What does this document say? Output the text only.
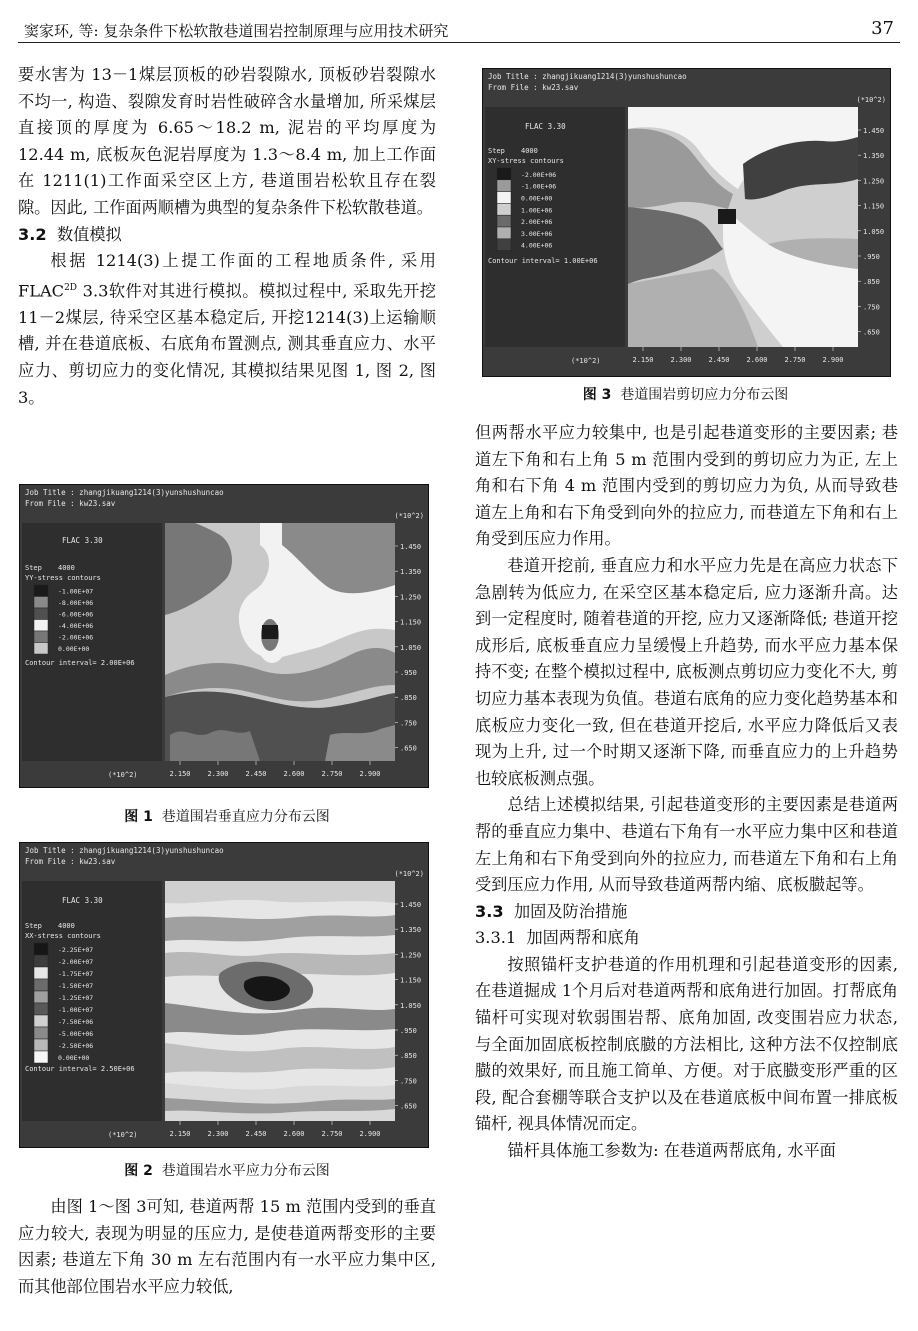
窦家环, 等: 复杂条件下松软散巷道围岩控制原理与应用技术研究	37

要水害为 13－1煤层顶板的砂岩裂隙水, 顶板砂岩裂隙水不均一, 构造、裂隙发育时岩性破碎含水量增加, 所采煤层直接顶的厚度为 6.65～18.2 m, 泥岩的平均厚度为 12.44 m, 底板灰色泥岩厚度为 1.3～8.4 m, 加上工作面在 1211(1)工作面采空区上方, 巷道围岩松软且存在裂隙。因此, 工作面两顺槽为典型的复杂条件下松软散巷道。

3.2 数值模拟

根据 1214(3)上提工作面的工程地质条件, 采用 $FLAC^{2D}$ 3.3软件对其进行模拟。模拟过程中, 采取先开挖 11－2煤层, 待采空区基本稳定后, 开挖1214(3)上运输顺槽, 并在巷道底板、右底角布置测点, 测其垂直应力、水平应力、剪切应力的变化情况, 其模拟结果见图 1, 图 2, 图 3。

Job Title : zhangjikuang1214(3)yunshushuncao
From File : kw23.sav
(*10^2)
FLAC 3.30
Step 4000
YY-stress contours
-1.00E+07
-8.00E+06
-6.00E+06
-4.00E+06
-2.00E+06
0.00E+00
Contour interval= 2.00E+06
1.450
1.350
1.250
1.150
1.050
.950
.850
.750
.650
2.150 2.300 2.450 2.600 2.750 2.900
(*10^2)

图 1 巷道围岩垂直应力分布云图

Job Title : zhangjikuang1214(3)yunshushuncao
From File : kw23.sav
(*10^2)
FLAC 3.30
Step 4000
XX-stress contours
-2.25E+07
-2.00E+07
-1.75E+07
-1.50E+07
-1.25E+07
-1.00E+07
-7.50E+06
-5.00E+06
-2.50E+06
0.00E+00
Contour interval= 2.50E+06
1.450
1.350
1.250
1.150
1.050
.950
.850
.750
.650
2.150 2.300 2.450 2.600 2.750 2.900
(*10^2)

图 2 巷道围岩水平应力分布云图

由图 1～图 3可知, 巷道两帮 15 m 范围内受到的垂直应力较大, 表现为明显的压应力, 是使巷道两帮变形的主要因素; 巷道左下角 30 m 左右范围内有一水平应力集中区, 而其他部位围岩水平应力较低,

Job Title : zhangjikuang1214(3)yunshushuncao
From File : kw23.sav
(*10^2)
FLAC 3.30
Step 4000
XY-stress contours
-2.00E+06
-1.00E+06
0.00E+00
1.00E+06
2.00E+06
3.00E+06
4.00E+06
Contour interval= 1.00E+06
1.450
1.350
1.250
1.150
1.050
.950
.850
.750
.650
2.150 2.300 2.450 2.600 2.750 2.900
(*10^2)

图 3 巷道围岩剪切应力分布云图

但两帮水平应力较集中, 也是引起巷道变形的主要因素; 巷道左下角和右上角 5 m 范围内受到的剪切应力为正, 左上角和右下角 4 m 范围内受到的剪切应力为负, 从而导致巷道左上角和右下角受到向外的拉应力, 而巷道左下角和右上角受到压应力作用。

巷道开挖前, 垂直应力和水平应力先是在高应力状态下急剧转为低应力, 在采空区基本稳定后, 应力逐渐升高。达到一定程度时, 随着巷道的开挖, 应力又逐渐降低; 巷道开挖成形后, 底板垂直应力呈缓慢上升趋势, 而水平应力基本保持不变; 在整个模拟过程中, 底板测点剪切应力变化不大, 剪切应力基本表现为负值。巷道右底角的应力变化趋势基本和底板应力变化一致, 但在巷道开挖后, 水平应力降低后又表现为上升, 过一个时期又逐渐下降, 而垂直应力的上升趋势也较底板测点强。

总结上述模拟结果, 引起巷道变形的主要因素是巷道两帮的垂直应力集中、巷道右下角有一水平应力集中区和巷道左上角和右下角受到向外的拉应力, 而巷道左下角和右上角受到压应力作用, 从而导致巷道两帮内缩、底板臌起等。

3.3 加固及防治措施

3.3.1 加固两帮和底角

按照锚杆支护巷道的作用机理和引起巷道变形的因素, 在巷道掘成 1个月后对巷道两帮和底角进行加固。打帮底角锚杆可实现对软弱围岩帮、底角加固, 改变围岩应力状态, 与全面加固底板控制底臌的方法相比, 这种方法不仅控制底臌的效果好, 而且施工简单、方便。对于底臌变形严重的区段, 配合套棚等联合支护以及在巷道底板中间布置一排底板锚杆, 视具体情况而定。

锚杆具体施工参数为: 在巷道两帮底角, 水平面
